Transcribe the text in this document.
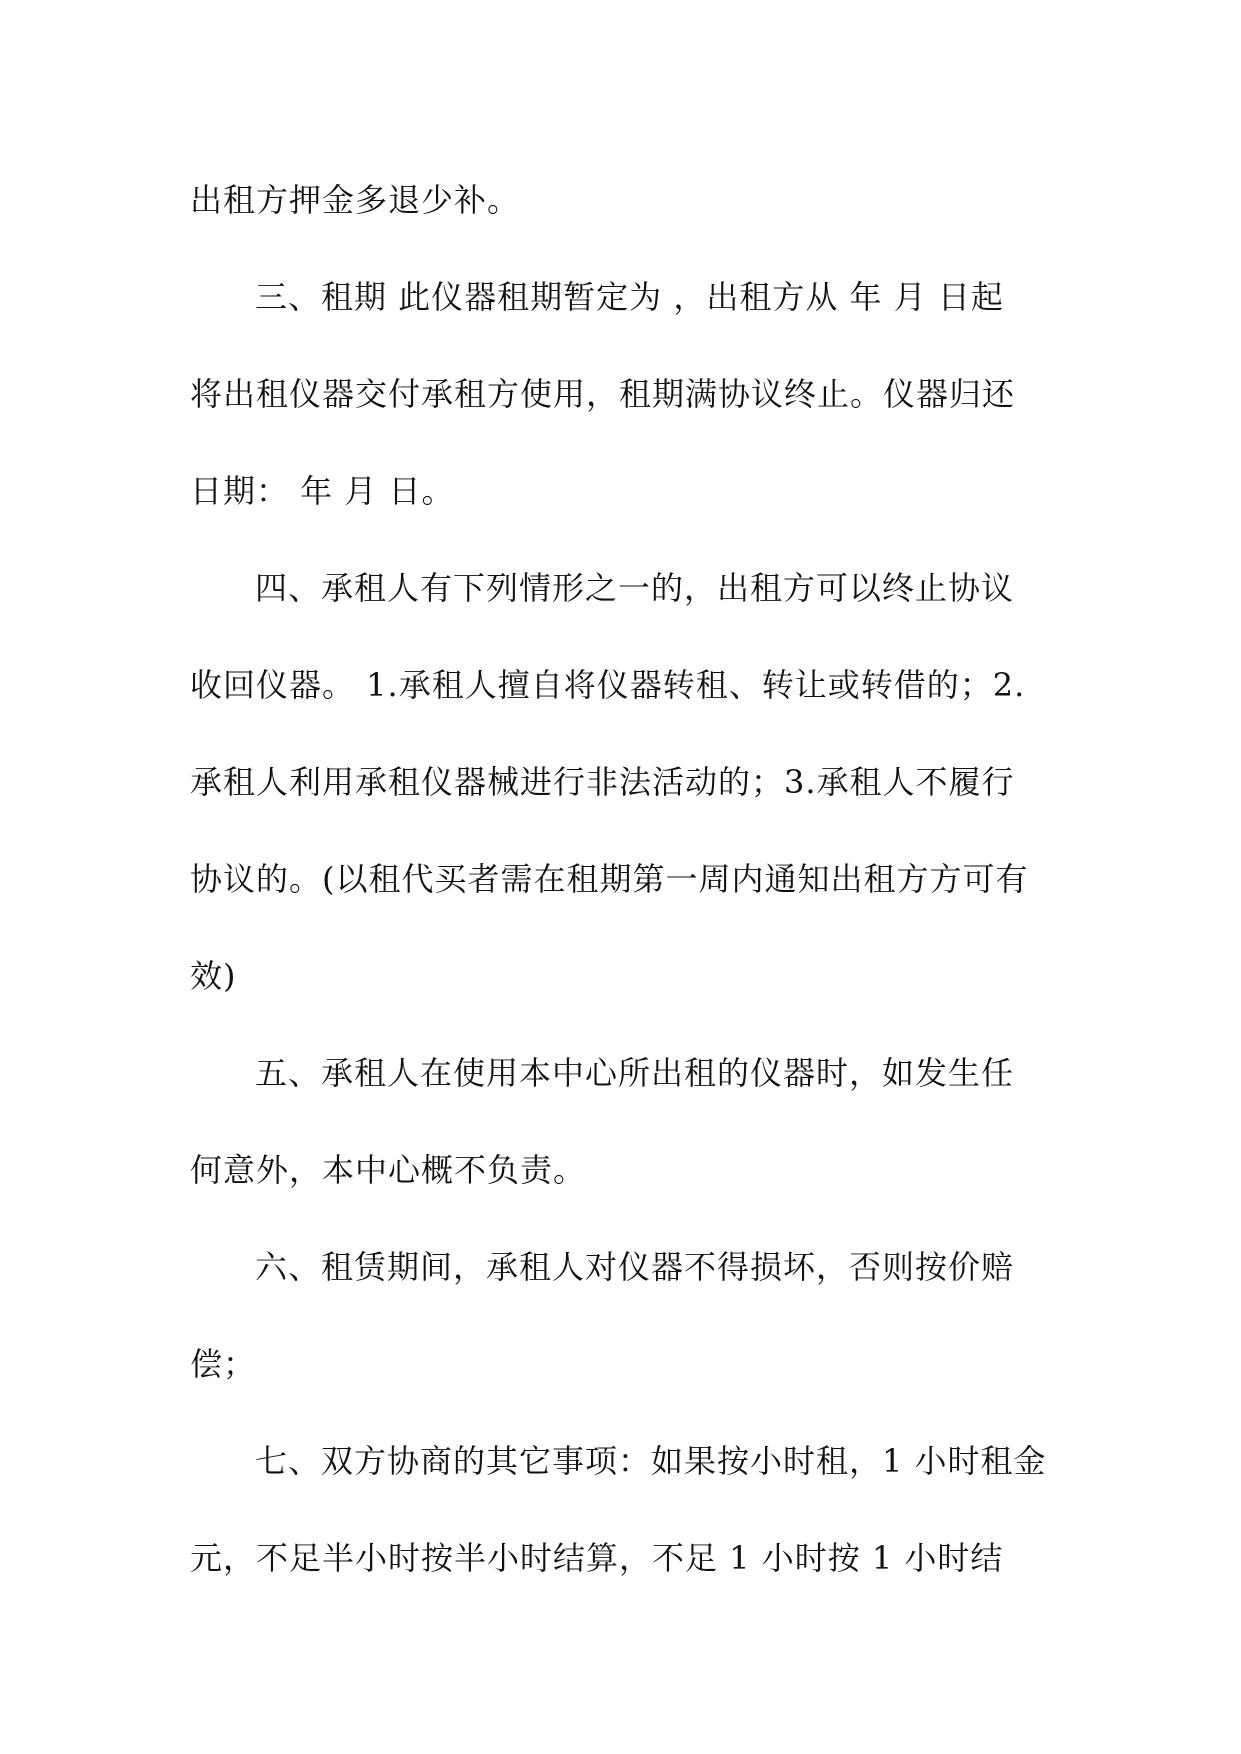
出租方押金多退少补。
三、租期 此仪器租期暂定为 ，出租方从 年 月 日起
将出租仪器交付承租方使用，租期满协议终止。仪器归还
日期： 年 月 日。
四、承租人有下列情形之一的，出租方可以终止协议
收回仪器。 1.承租人擅自将仪器转租、转让或转借的；2.
承租人利用承租仪器械进行非法活动的；3.承租人不履行
协议的。(以租代买者需在租期第一周内通知出租方方可有
效)
五、承租人在使用本中心所出租的仪器时，如发生任
何意外，本中心概不负责。
六、租赁期间，承租人对仪器不得损坏，否则按价赔
偿；
七、双方协商的其它事项：如果按小时租，1 小时租金
元，不足半小时按半小时结算，不足 1 小时按 1 小时结
